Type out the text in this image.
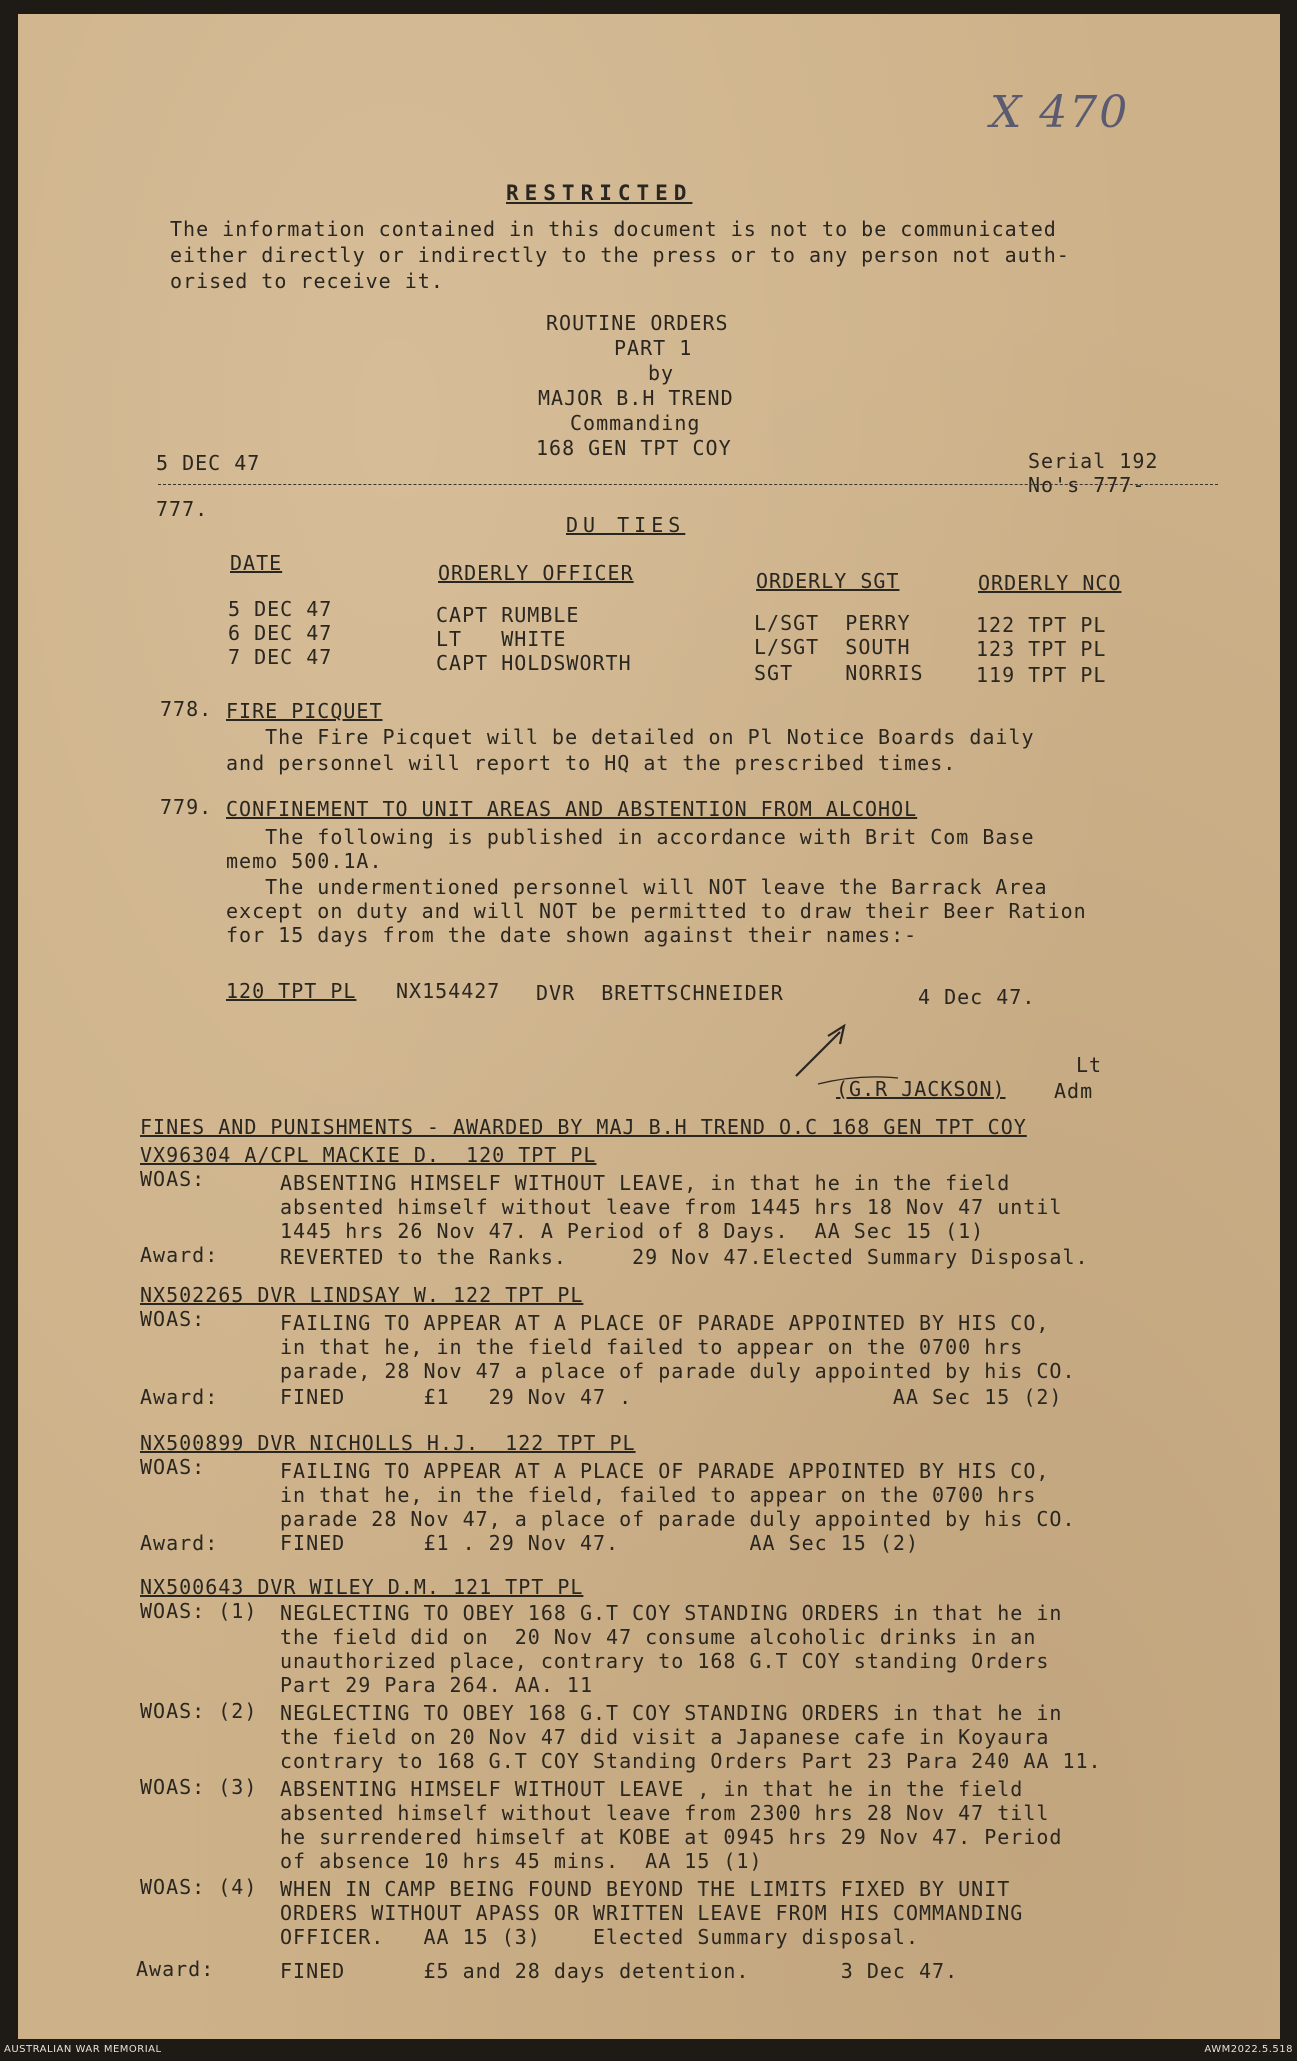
X 470
RESTRICTED
The information contained in this document is not to be communicated
either directly or indirectly to the press or to any person not auth-
orised to receive it.
ROUTINE ORDERS
PART 1
by
MAJOR B.H TREND
Commanding
168 GEN TPT COY
5 DEC 47	Serial 192
No's 777-
777.
DU TIES
DATE	ORDERLY OFFICER	ORDERLY SGT	ORDERLY NCO
5 DEC 47	CAPT RUMBLE	L/SGT  PERRY	122 TPT PL
6 DEC 47	LT   WHITE	L/SGT  SOUTH	123 TPT PL
7 DEC 47	CAPT HOLDSWORTH	SGT    NORRIS	119 TPT PL
778. FIRE PICQUET
The Fire Picquet will be detailed on Pl Notice Boards daily
and personnel will report to HQ at the prescribed times.
779. CONFINEMENT TO UNIT AREAS AND ABSTENTION FROM ALCOHOL
The following is published in accordance with Brit Com Base
memo 500.1A.
The undermentioned personnel will NOT leave the Barrack Area
except on duty and will NOT be permitted to draw their Beer Ration
for 15 days from the date shown against their names:-
120 TPT PL NX154427 DVR  BRETTSCHNEIDER	4 Dec 47.
Lt
(G.R JACKSON) Adm
FINES AND PUNISHMENTS - AWARDED BY MAJ B.H TREND O.C 168 GEN TPT COY
VX96304 A/CPL MACKIE D.  120 TPT PL
WOAS:	ABSENTING HIMSELF WITHOUT LEAVE, in that he in the field
absented himself without leave from 1445 hrs 18 Nov 47 until
1445 hrs 26 Nov 47. A Period of 8 Days.  AA Sec 15 (1)
Award:	REVERTED to the Ranks.     29 Nov 47.Elected Summary Disposal.
NX502265 DVR LINDSAY W. 122 TPT PL
WOAS:	FAILING TO APPEAR AT A PLACE OF PARADE APPOINTED BY HIS CO,
in that he, in the field failed to appear on the 0700 hrs
parade, 28 Nov 47 a place of parade duly appointed by his CO.
Award:	FINED      £1   29 Nov 47 .                    AA Sec 15 (2)
NX500899 DVR NICHOLLS H.J.  122 TPT PL
WOAS:	FAILING TO APPEAR AT A PLACE OF PARADE APPOINTED BY HIS CO,
in that he, in the field, failed to appear on the 0700 hrs
parade 28 Nov 47, a place of parade duly appointed by his CO.
Award:	FINED      £1 . 29 Nov 47.          AA Sec 15 (2)
NX500643 DVR WILEY D.M. 121 TPT PL
WOAS: (1) NEGLECTING TO OBEY 168 G.T COY STANDING ORDERS in that he in
the field did on  20 Nov 47 consume alcoholic drinks in an
unauthorized place, contrary to 168 G.T COY standing Orders
Part 29 Para 264. AA. 11
WOAS: (2) NEGLECTING TO OBEY 168 G.T COY STANDING ORDERS in that he in
the field on 20 Nov 47 did visit a Japanese cafe in Koyaura
contrary to 168 G.T COY Standing Orders Part 23 Para 240 AA 11.
WOAS: (3) ABSENTING HIMSELF WITHOUT LEAVE , in that he in the field
absented himself without leave from 2300 hrs 28 Nov 47 till
he surrendered himself at KOBE at 0945 hrs 29 Nov 47. Period
of absence 10 hrs 45 mins.  AA 15 (1)
WOAS: (4) WHEN IN CAMP BEING FOUND BEYOND THE LIMITS FIXED BY UNIT
ORDERS WITHOUT APASS OR WRITTEN LEAVE FROM HIS COMMANDING
OFFICER.   AA 15 (3)    Elected Summary disposal.
Award:	FINED      £5 and 28 days detention.       3 Dec 47.
AUSTRALIAN WAR MEMORIAL	AWM2022.5.518
